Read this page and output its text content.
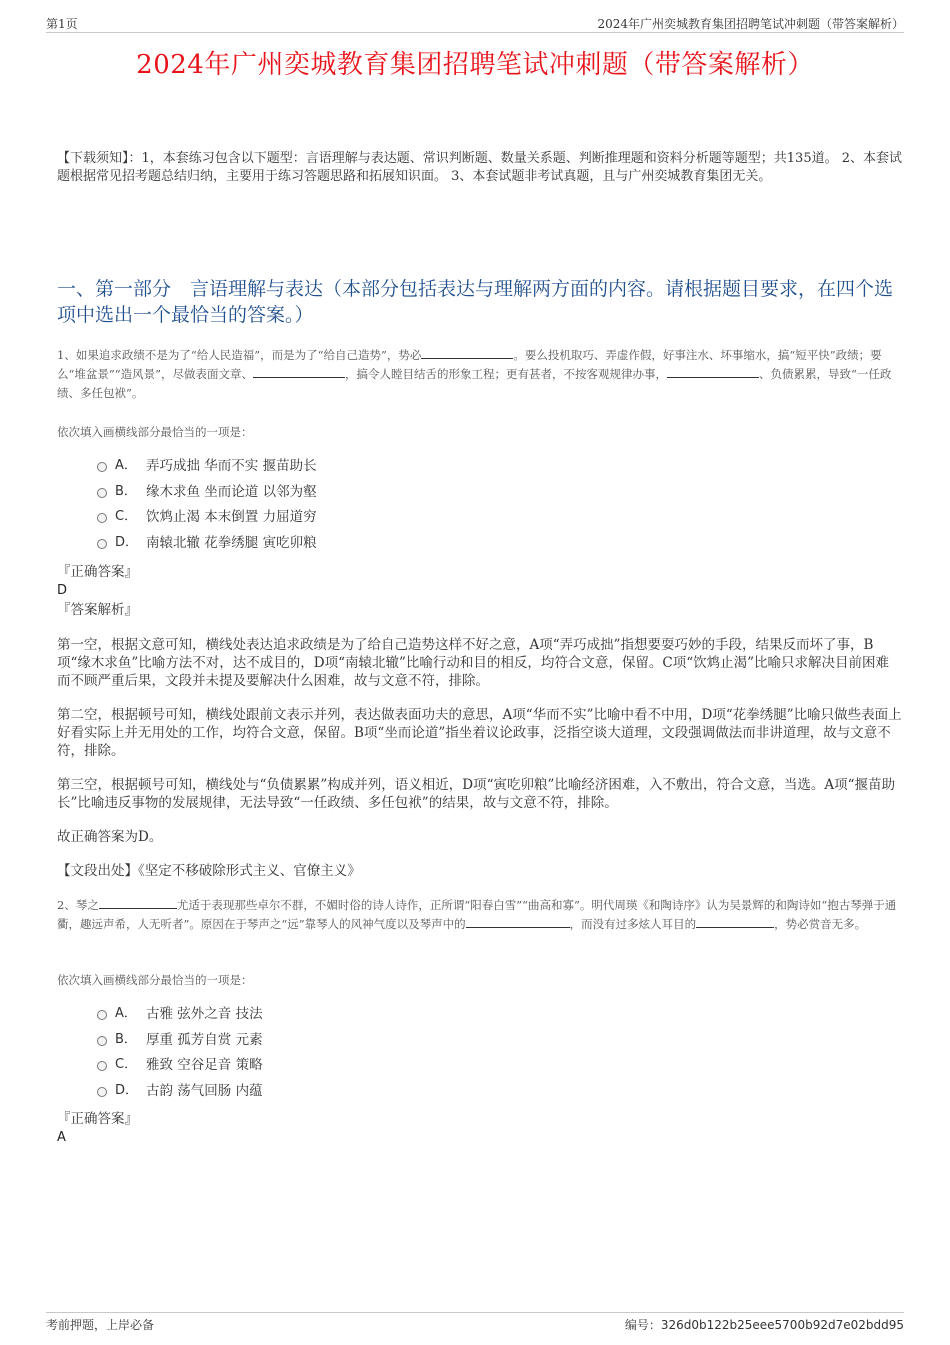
第1页	2024年广州奕城教育集团招聘笔试冲刺题（带答案解析）
2024年广州奕城教育集团招聘笔试冲刺题（带答案解析）
【下载须知】：1，本套练习包含以下题型：言语理解与表达题、常识判断题、数量关系题、判断推理题和资料分析题等题型；共135道。 2、本套试题根据常见招考题总结归纳，主要用于练习答题思路和拓展知识面。 3、本套试题非考试真题，且与广州奕城教育集团无关。
一、第一部分　言语理解与表达（本部分包括表达与理解两方面的内容。请根据题目要求，在四个选项中选出一个最恰当的答案。）

1、如果追求政绩不是为了“给人民造福”，而是为了“给自己造势”，势必	。要么投机取巧、弄虚作假，好事注水、坏事缩水，搞“短平快”政绩；要么“堆盆景”“造风景”，尽做表面文章、	，搞令人瞠目结舌的形象工程；更有甚者，不按客观规律办事，	、负债累累，导致“一任政绩、多任包袱”。

依次填入画横线部分最恰当的一项是：

A． 弄巧成拙 华而不实 揠苗助长
B． 缘木求鱼 坐而论道 以邻为壑
C． 饮鸩止渴 本末倒置 力屈道穷
D． 南辕北辙 花拳绣腿 寅吃卯粮

『正确答案』

D

『答案解析』

第一空，根据文意可知，横线处表达追求政绩是为了给自己造势这样不好之意，A项“弄巧成拙”指想要耍巧妙的手段，结果反而坏了事，B项“缘木求鱼”比喻方法不对，达不成目的，D项“南辕北辙”比喻行动和目的相反，均符合文意，保留。C项“饮鸩止渴”比喻只求解决目前困难而不顾严重后果，文段并未提及要解决什么困难，故与文意不符，排除。

第二空，根据顿号可知，横线处跟前文表示并列，表达做表面功夫的意思，A项“华而不实”比喻中看不中用，D项“花拳绣腿”比喻只做些表面上好看实际上并无用处的工作，均符合文意，保留。B项“坐而论道”指坐着议论政事，泛指空谈大道理，文段强调做法而非讲道理，故与文意不符，排除。

第三空，根据顿号可知，横线处与“负债累累”构成并列，语义相近，D项“寅吃卯粮”比喻经济困难，入不敷出，符合文意，当选。A项“揠苗助长”比喻违反事物的发展规律，无法导致“一任政绩、多任包袱”的结果，故与文意不符，排除。

故正确答案为D。

【文段出处】《坚定不移破除形式主义、官僚主义》

2、琴之	尤适于表现那些卓尔不群，不媚时俗的诗人诗作，正所谓“阳春白雪”“曲高和寡”。明代周瑛《和陶诗序》认为吴景辉的和陶诗如“抱古琴弹于通衢，趣远声希，人无听者”。原因在于琴声之“远”靠琴人的风神气度以及琴声中的	，而没有过多炫人耳目的	，势必赏音无多。

依次填入画横线部分最恰当的一项是：

A． 古雅 弦外之音 技法
B． 厚重 孤芳自赏 元素
C． 雅致 空谷足音 策略
D． 古韵 荡气回肠 内蕴

『正确答案』

A

考前押题，上岸必备	编号：326d0b122b25eee5700b92d7e02bdd95
